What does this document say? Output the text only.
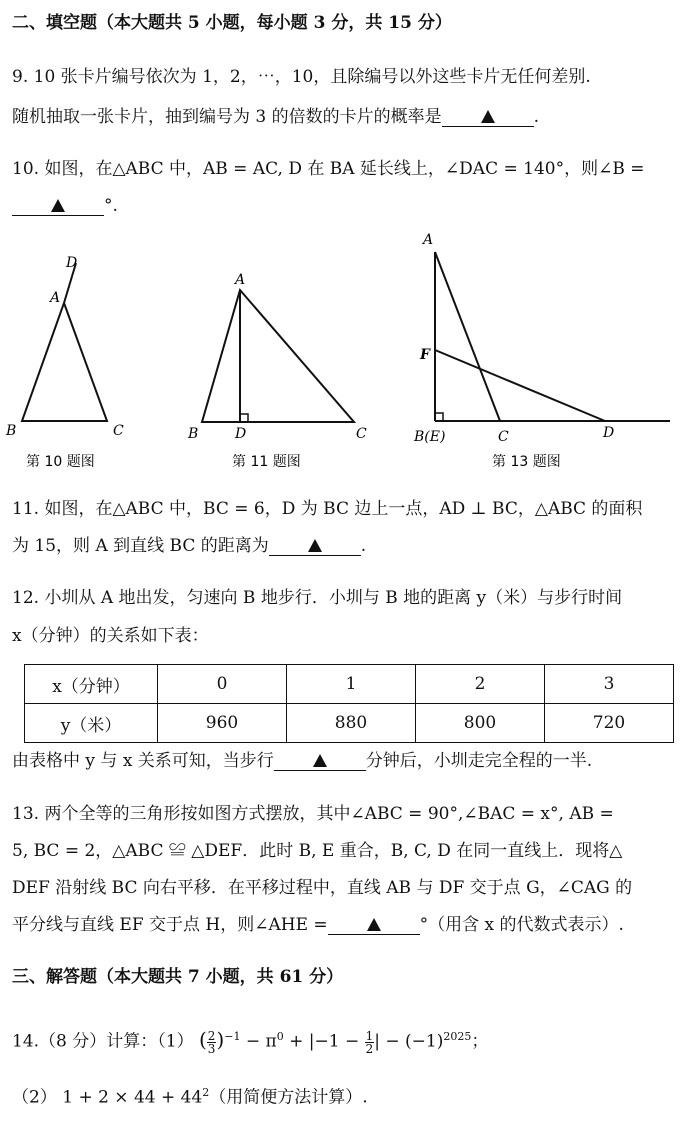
二、填空题（本大题共 5 小题，每小题 3 分，共 15 分）
9. 10 张卡片编号依次为 1，2，⋯，10，且除编号以外这些卡片无任何差别.
随机抽取一张卡片，抽到编号为 3 的倍数的卡片的概率是	.
10. 如图，在△ABC 中，AB = AC, D 在 BA 延长线上，∠DAC = 140°，则∠B =
°.
D
A
B	C
第 10 题图
A
B	D	C
第 11 题图
A
F
B(E)	C	D
第 13 题图
11. 如图，在△ABC 中，BC = 6，D 为 BC 边上一点，AD ⊥ BC，△ABC 的面积
为 15，则 A 到直线 BC 的距离为	.
12. 小圳从 A 地出发，匀速向 B 地步行．小圳与 B 地的距离 y（米）与步行时间
x（分钟）的关系如下表：
x（分钟）	0	1	2	3
y（米）	960	880	800	720
由表格中 y 与 x 关系可知，当步行	分钟后，小圳走完全程的一半.
13. 两个全等的三角形按如图方式摆放，其中∠ABC = 90°,∠BAC = x°, AB =
5, BC = 2，△ABC ≌ △DEF．此时 B, E 重合，B, C, D 在同一直线上．现将△
DEF 沿射线 BC 向右平移．在平移过程中，直线 AB 与 DF 交于点 G，∠CAG 的
平分线与直线 EF 交于点 H，则∠AHE =	°（用含 x 的代数式表示）.
三、解答题（本大题共 7 小题，共 61 分）
14.（8 分）计算：（1） ( $\frac{2}{3} )^{-1} - \pi^0 + |-1 - \frac{1}{2}$ | − $(-1)^{2025}$；
（2） $1 + 2 \times 44 + 44^2$（用简便方法计算）.
